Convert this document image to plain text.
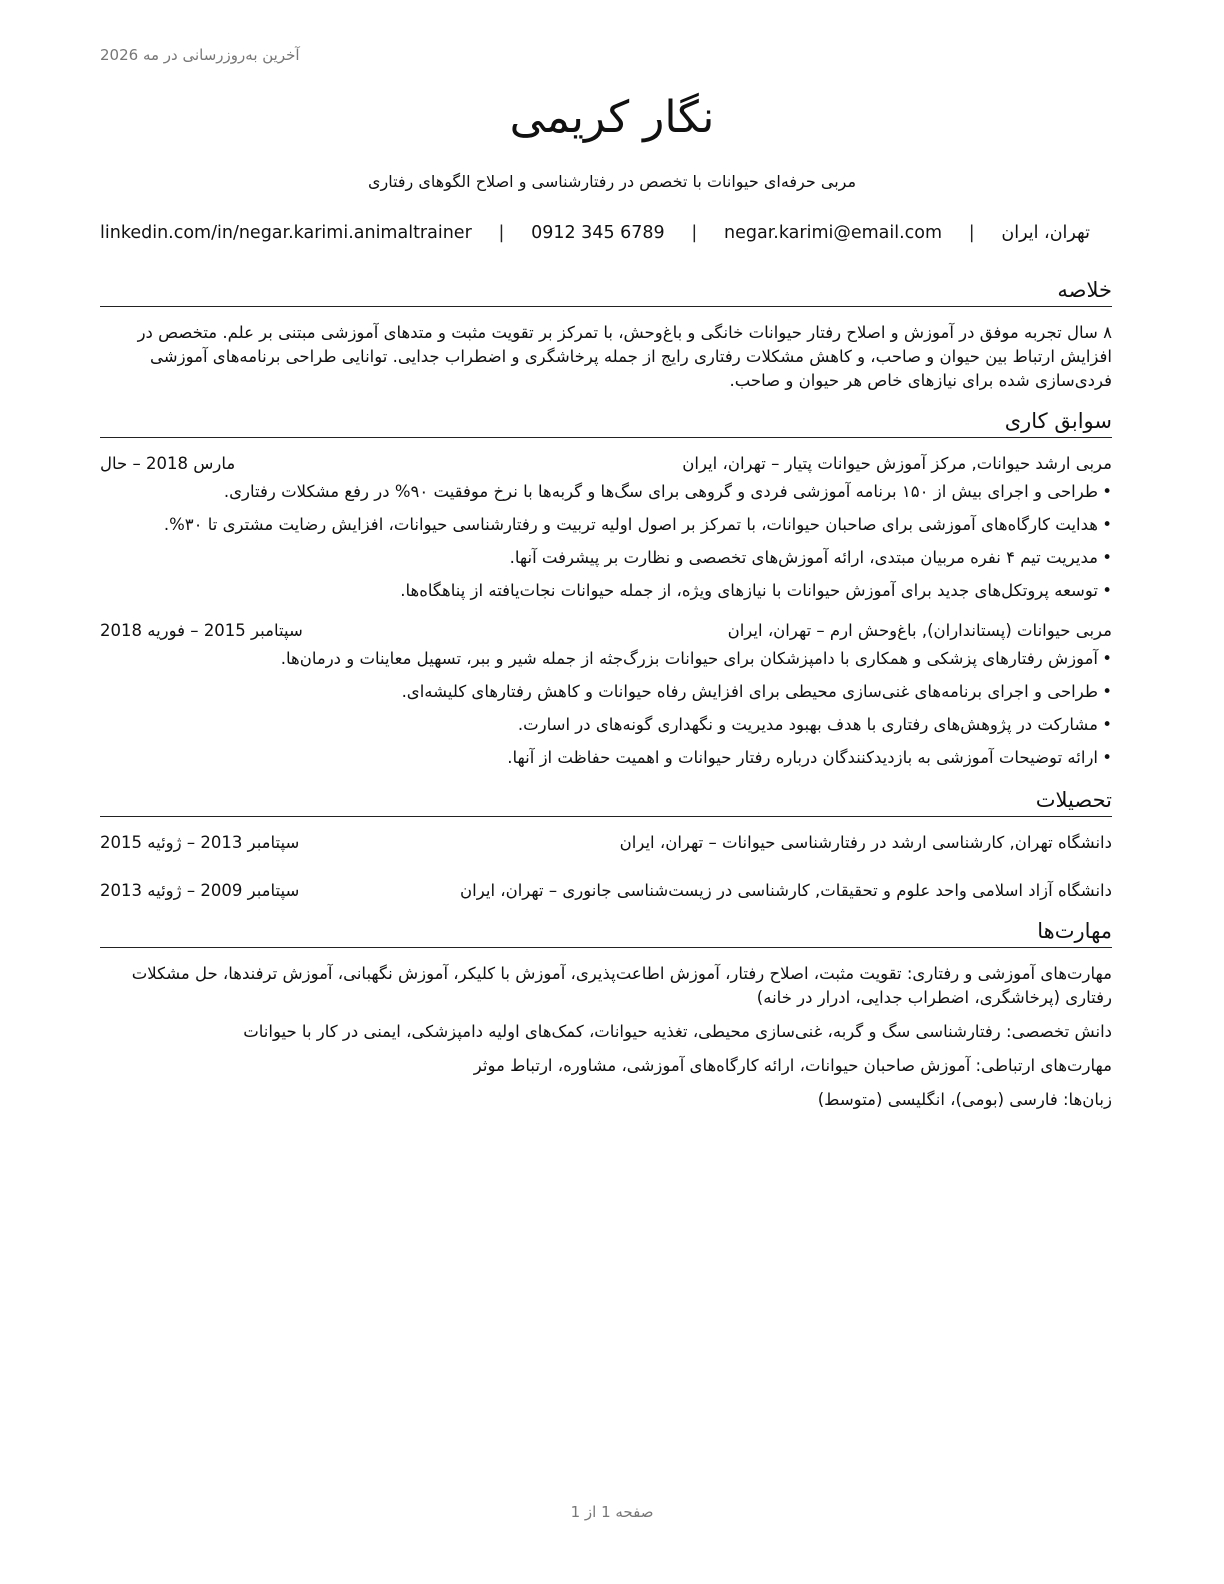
آخرین به‌روزرسانی در مه 2026
نگار کریمی
مربی حرفه‌ای حیوانات با تخصص در رفتارشناسی و اصلاح الگوهای رفتاری
تهران، ایران
|
negar.karimi@email.com
|
0912 345 6789
|
linkedin.com/in/negar.karimi.animaltrainer
خلاصه

۸ سال تجربه موفق در آموزش و اصلاح رفتار حیوانات خانگی و باغ‌وحش، با تمرکز بر تقویت مثبت و متدهای آموزشی مبتنی بر علم. متخصص در افزایش ارتباط بین حیوان و صاحب، و کاهش مشکلات رفتاری رایج از جمله پرخاشگری و اضطراب جدایی. توانایی طراحی برنامه‌های آموزشی فردی‌سازی شده برای نیازهای خاص هر حیوان و صاحب.

سوابق کاری
مربی ارشد حیوانات, مرکز آموزش حیوانات پتیار – تهران، ایران
مارس 2018 – حال
• طراحی و اجرای بیش از ۱۵۰ برنامه آموزشی فردی و گروهی برای سگ‌ها و گربه‌ها با نرخ موفقیت ۹۰% در رفع مشکلات رفتاری.
• هدایت کارگاه‌های آموزشی برای صاحبان حیوانات، با تمرکز بر اصول اولیه تربیت و رفتارشناسی حیوانات، افزایش رضایت مشتری تا ۳۰%.
• مدیریت تیم ۴ نفره مربیان مبتدی، ارائه آموزش‌های تخصصی و نظارت بر پیشرفت آنها.
• توسعه پروتکل‌های جدید برای آموزش حیوانات با نیازهای ویژه، از جمله حیوانات نجات‌یافته از پناهگاه‌ها.
مربی حیوانات (پستانداران), باغ‌وحش ارم – تهران، ایران
سپتامبر 2015 – فوریه 2018
• آموزش رفتارهای پزشکی و همکاری با دامپزشکان برای حیوانات بزرگ‌جثه از جمله شیر و ببر، تسهیل معاینات و درمان‌ها.
• طراحی و اجرای برنامه‌های غنی‌سازی محیطی برای افزایش رفاه حیوانات و کاهش رفتارهای کلیشه‌ای.
• مشارکت در پژوهش‌های رفتاری با هدف بهبود مدیریت و نگهداری گونه‌های در اسارت.
• ارائه توضیحات آموزشی به بازدیدکنندگان درباره رفتار حیوانات و اهمیت حفاظت از آنها.
تحصیلات
دانشگاه تهران, کارشناسی ارشد در رفتارشناسی حیوانات – تهران، ایران
سپتامبر 2013 – ژوئیه 2015
دانشگاه آزاد اسلامی واحد علوم و تحقیقات, کارشناسی در زیست‌شناسی جانوری – تهران، ایران
سپتامبر 2009 – ژوئیه 2013
مهارت‌ها
مهارت‌های آموزشی و رفتاری: تقویت مثبت، اصلاح رفتار، آموزش اطاعت‌پذیری، آموزش با کلیکر، آموزش نگهبانی، آموزش ترفندها، حل مشکلات رفتاری (پرخاشگری، اضطراب جدایی، ادرار در خانه)
دانش تخصصی: رفتارشناسی سگ و گربه، غنی‌سازی محیطی، تغذیه حیوانات، کمک‌های اولیه دامپزشکی، ایمنی در کار با حیوانات
مهارت‌های ارتباطی: آموزش صاحبان حیوانات، ارائه کارگاه‌های آموزشی، مشاوره، ارتباط موثر
زبان‌ها: فارسی (بومی)، انگلیسی (متوسط)
صفحه 1 از 1
